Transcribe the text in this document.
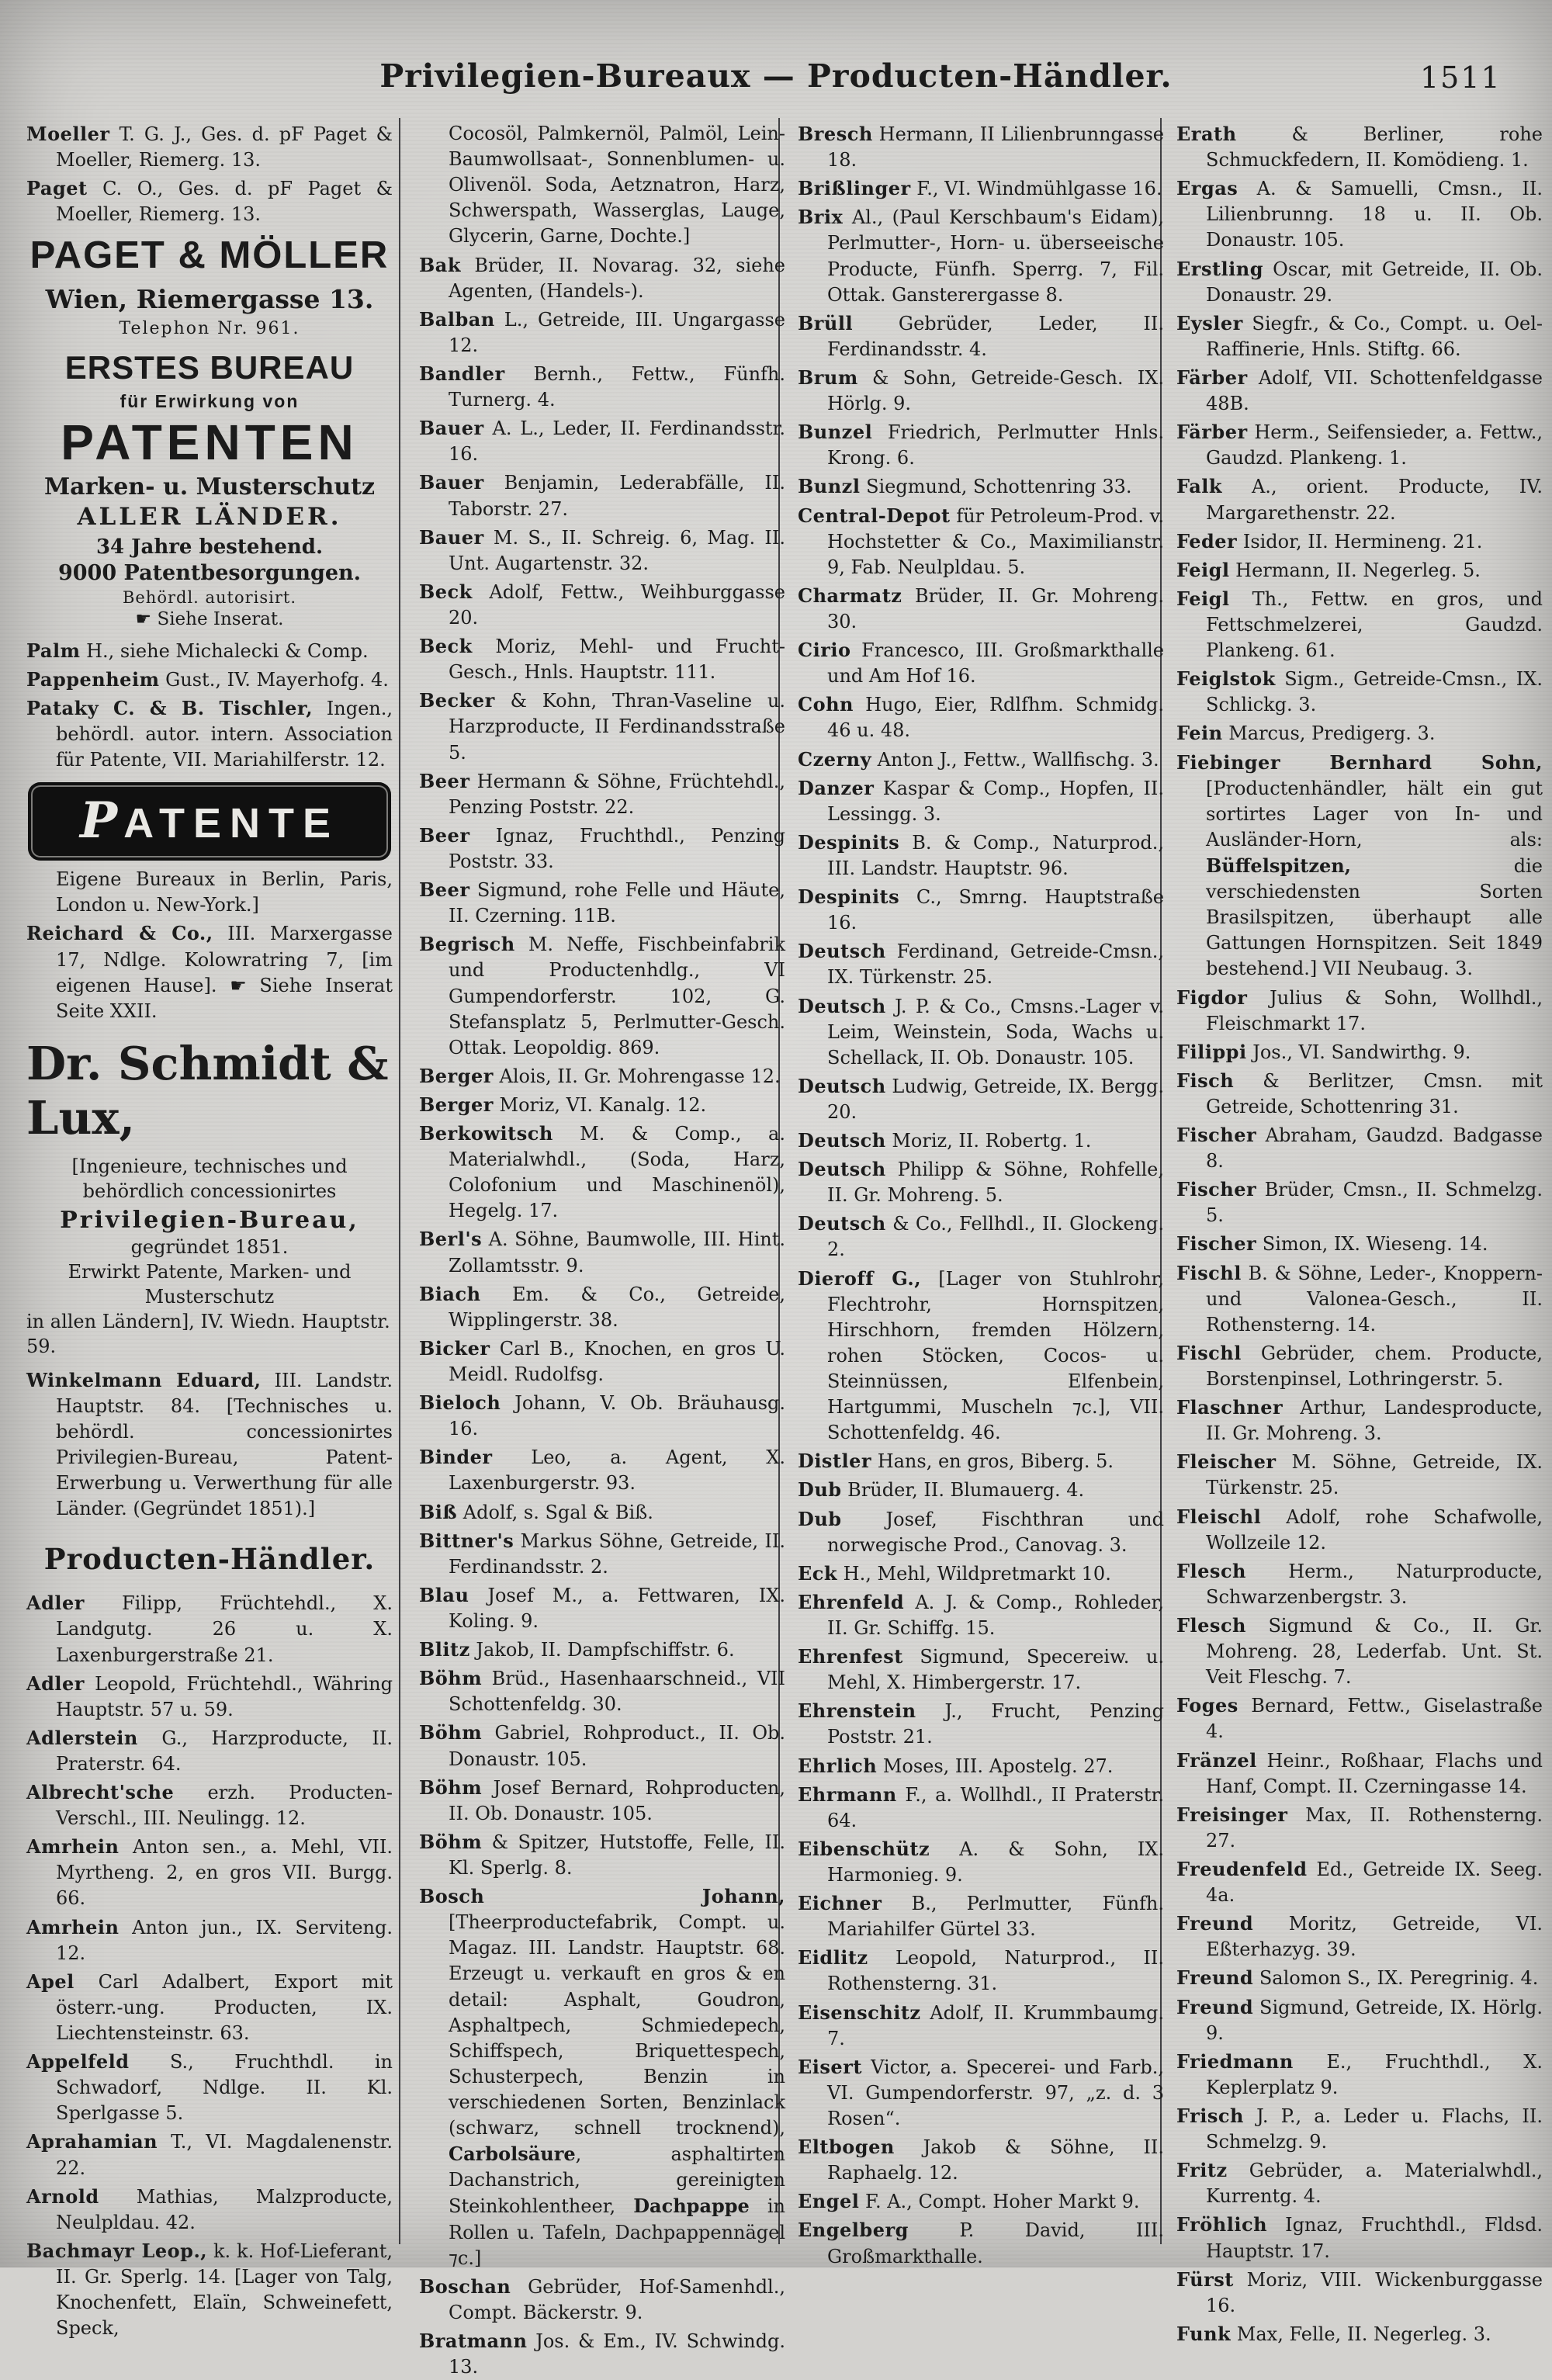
Privilegien-Bureaux — Producten-Händler.	1511

Moeller T. G. J., Ges. d. pF Paget & Moeller, Riemerg. 13.

Paget C. O., Ges. d. pF Paget & Moeller, Riemerg. 13.

PAGET & MÖLLER
Wien, Riemergasse 13.
Telephon Nr. 961.
ERSTES BUREAU
für Erwirkung von
PATENTEN
Marken- u. Musterschutz
ALLER LÄNDER.
34 Jahre bestehend.
9000 Patentbesorgungen.
Behördl. autorisirt.
☛ Siehe Inserat.

Palm H., siehe Michalecki & Comp.

Pappenheim Gust., IV. Mayerhofg. 4.

Pataky C. & B. Tischler, Ingen., behördl. autor. intern. Association für Patente, VII. Mariahilferstr. 12.

PATENTE

Eigene Bureaux in Berlin, Paris, London u. New-York.]

Reichard & Co., III. Marxergasse 17, Ndlge. Kolowratring 7, [im eigenen Hause]. ☛ Siehe Inserat Seite XXII.

Dr. Schmidt & Lux,
[Ingenieure, technisches und behördlich concessionirtes
Privilegien-Bureau,
gegründet 1851.
Erwirkt Patente, Marken- und Musterschutz
in allen Ländern], IV. Wiedn. Hauptstr. 59.

Winkelmann Eduard, III. Landstr. Hauptstr. 84. [Technisches u. behördl. concessionirtes Privilegien-Bureau, Patent-Erwerbung u. Verwerthung für alle Länder. (Gegründet 1851).]

Producten-Händler.

Adler Filipp, Früchtehdl., X. Landgutg. 26 u. X. Laxenburgerstraße 21.

Adler Leopold, Früchtehdl., Währing Hauptstr. 57 u. 59.

Adlerstein G., Harzproducte, II. Praterstr. 64.

Albrecht'sche erzh. Producten-Verschl., III. Neulingg. 12.

Amrhein Anton sen., a. Mehl, VII. Myrtheng. 2, en gros VII. Burgg. 66.

Amrhein Anton jun., IX. Serviteng. 12.

Apel Carl Adalbert, Export mit österr.-ung. Producten, IX. Liechtensteinstr. 63.

Appelfeld S., Fruchthdl. in Schwadorf, Ndlge. II. Kl. Sperlgasse 5.

Aprahamian T., VI. Magdalenenstr. 22.

Arnold Mathias, Malzproducte, Neulpldau. 42.

Bachmayr Leop., k. k. Hof-Lieferant, II. Gr. Sperlg. 14. [Lager von Talg, Knochenfett, Elaïn, Schweinefett, Speck,

Cocosöl, Palmkernöl, Palmöl, Lein-Baumwollsaat-, Sonnenblumen- u. Olivenöl. Soda, Aetznatron, Harz, Schwerspath, Wasserglas, Lauge, Glycerin, Garne, Dochte.]

Bak Brüder, II. Novarag. 32, siehe Agenten, (Handels-).

Balban L., Getreide, III. Ungargasse 12.

Bandler Bernh., Fettw., Fünfh. Turnerg. 4.

Bauer A. L., Leder, II. Ferdinandsstr. 16.

Bauer Benjamin, Lederabfälle, II. Taborstr. 27.

Bauer M. S., II. Schreig. 6, Mag. II. Unt. Augartenstr. 32.

Beck Adolf, Fettw., Weihburggasse 20.

Beck Moriz, Mehl- und Frucht-Gesch., Hnls. Hauptstr. 111.

Becker & Kohn, Thran-Vaseline u. Harzproducte, II Ferdinandsstraße 5.

Beer Hermann & Söhne, Früchtehdl., Penzing Poststr. 22.

Beer Ignaz, Fruchthdl., Penzing Poststr. 33.

Beer Sigmund, rohe Felle und Häute, II. Czerning. 11B.

Begrisch M. Neffe, Fischbeinfabrik und Productenhdlg., VI Gumpendorferstr. 102, G. Stefansplatz 5, Perlmutter-Gesch. Ottak. Leopoldig. 869.

Berger Alois, II. Gr. Mohrengasse 12.

Berger Moriz, VI. Kanalg. 12.

Berkowitsch M. & Comp., a. Materialwhdl., (Soda, Harz, Colofonium und Maschinenöl), Hegelg. 17.

Berl's A. Söhne, Baumwolle, III. Hint. Zollamtsstr. 9.

Biach Em. & Co., Getreide, Wipplingerstr. 38.

Bicker Carl B., Knochen, en gros U. Meidl. Rudolfsg.

Bieloch Johann, V. Ob. Bräuhausg. 16.

Binder Leo, a. Agent, X. Laxenburgerstr. 93.

Biß Adolf, s. Sgal & Biß.

Bittner's Markus Söhne, Getreide, II. Ferdinandsstr. 2.

Blau Josef M., a. Fettwaren, IX. Koling. 9.

Blitz Jakob, II. Dampfschiffstr. 6.

Böhm Brüd., Hasenhaarschneid., VII Schottenfeldg. 30.

Böhm Gabriel, Rohproduct., II. Ob. Donaustr. 105.

Böhm Josef Bernard, Rohproducten, II. Ob. Donaustr. 105.

Böhm & Spitzer, Hutstoffe, Felle, II. Kl. Sperlg. 8.

Bosch Johann, [Theerproductefabrik, Compt. u. Magaz. III. Landstr. Hauptstr. 68. Erzeugt u. verkauft en gros & en detail: Asphalt, Goudron, Asphaltpech, Schmiedepech, Schiffspech, Briquettespech, Schusterpech, Benzin in verschiedenen Sorten, Benzinlack (schwarz, schnell trocknend), Carbolsäure, asphaltirten Dachanstrich, gereinigten Steinkohlentheer, Dachpappe in Rollen u. Tafeln, Dachpappennägel ⁊c.]

Boschan Gebrüder, Hof-Samenhdl., Compt. Bäckerstr. 9.

Bratmann Jos. & Em., IV. Schwindg. 13.

Bresch Hermann, II Lilienbrunngasse 18.

Brißlinger F., VI. Windmühlgasse 16.

Brix Al., (Paul Kerschbaum's Eidam), Perlmutter-, Horn- u. überseeische Producte, Fünfh. Sperrg. 7, Fil. Ottak. Gansterergasse 8.

Brüll Gebrüder, Leder, II. Ferdinandsstr. 4.

Brum & Sohn, Getreide-Gesch. IX. Hörlg. 9.

Bunzel Friedrich, Perlmutter Hnls. Krong. 6.

Bunzl Siegmund, Schottenring 33.

Central-Depot für Petroleum-Prod. v. Hochstetter & Co., Maximilianstr. 9, Fab. Neulpldau. 5.

Charmatz Brüder, II. Gr. Mohreng. 30.

Cirio Francesco, III. Großmarkthalle und Am Hof 16.

Cohn Hugo, Eier, Rdlfhm. Schmidg. 46 u. 48.

Czerny Anton J., Fettw., Wallfischg. 3.

Danzer Kaspar & Comp., Hopfen, II. Lessingg. 3.

Despinits B. & Comp., Naturprod., III. Landstr. Hauptstr. 96.

Despinits C., Smrng. Hauptstraße 16.

Deutsch Ferdinand, Getreide-Cmsn., IX. Türkenstr. 25.

Deutsch J. P. & Co., Cmsns.-Lager v. Leim, Weinstein, Soda, Wachs u. Schellack, II. Ob. Donaustr. 105.

Deutsch Ludwig, Getreide, IX. Bergg. 20.

Deutsch Moriz, II. Robertg. 1.

Deutsch Philipp & Söhne, Rohfelle, II. Gr. Mohreng. 5.

Deutsch & Co., Fellhdl., II. Glockeng. 2.

Dieroff G., [Lager von Stuhlrohr, Flechtrohr, Hornspitzen, Hirschhorn, fremden Hölzern, rohen Stöcken, Cocos- u. Steinnüssen, Elfenbein, Hartgummi, Muscheln ⁊c.], VII. Schottenfeldg. 46.

Distler Hans, en gros, Biberg. 5.

Dub Brüder, II. Blumauerg. 4.

Dub Josef, Fischthran und norwegische Prod., Canovag. 3.

Eck H., Mehl, Wildpretmarkt 10.

Ehrenfeld A. J. & Comp., Rohleder, II. Gr. Schiffg. 15.

Ehrenfest Sigmund, Specereiw. u. Mehl, X. Himbergerstr. 17.

Ehrenstein J., Frucht, Penzing Poststr. 21.

Ehrlich Moses, III. Apostelg. 27.

Ehrmann F., a. Wollhdl., II Praterstr. 64.

Eibenschütz A. & Sohn, IX. Harmonieg. 9.

Eichner B., Perlmutter, Fünfh. Mariahilfer Gürtel 33.

Eidlitz Leopold, Naturprod., II. Rothensterng. 31.

Eisenschitz Adolf, II. Krummbaumg. 7.

Eisert Victor, a. Specerei- und Farb., VI. Gumpendorferstr. 97, „z. d. 3 Rosen“.

Eltbogen Jakob & Söhne, II. Raphaelg. 12.

Engel F. A., Compt. Hoher Markt 9.

Engelberg P. David, III. Großmarkthalle.

Erath & Berliner, rohe Schmuckfedern, II. Komödieng. 1.

Ergas A. & Samuelli, Cmsn., II. Lilienbrunng. 18 u. II. Ob. Donaustr. 105.

Erstling Oscar, mit Getreide, II. Ob. Donaustr. 29.

Eysler Siegfr., & Co., Compt. u. Oel-Raffinerie, Hnls. Stiftg. 66.

Färber Adolf, VII. Schottenfeldgasse 48B.

Färber Herm., Seifensieder, a. Fettw., Gaudzd. Plankeng. 1.

Falk A., orient. Producte, IV. Margarethenstr. 22.

Feder Isidor, II. Hermineng. 21.

Feigl Hermann, II. Negerleg. 5.

Feigl Th., Fettw. en gros, und Fettschmelzerei, Gaudzd. Plankeng. 61.

Feiglstok Sigm., Getreide-Cmsn., IX. Schlickg. 3.

Fein Marcus, Predigerg. 3.

Fiebinger Bernhard Sohn, [Productenhändler, hält ein gut sortirtes Lager von In- und Ausländer-Horn, als: Büffelspitzen, die verschiedensten Sorten Brasilspitzen, überhaupt alle Gattungen Hornspitzen. Seit 1849 bestehend.] VII Neubaug. 3.

Figdor Julius & Sohn, Wollhdl., Fleischmarkt 17.

Filippi Jos., VI. Sandwirthg. 9.

Fisch & Berlitzer, Cmsn. mit Getreide, Schottenring 31.

Fischer Abraham, Gaudzd. Badgasse 8.

Fischer Brüder, Cmsn., II. Schmelzg. 5.

Fischer Simon, IX. Wieseng. 14.

Fischl B. & Söhne, Leder-, Knoppern- und Valonea-Gesch., II. Rothensterng. 14.

Fischl Gebrüder, chem. Producte, Borstenpinsel, Lothringerstr. 5.

Flaschner Arthur, Landesproducte, II. Gr. Mohreng. 3.

Fleischer M. Söhne, Getreide, IX. Türkenstr. 25.

Fleischl Adolf, rohe Schafwolle, Wollzeile 12.

Flesch Herm., Naturproducte, Schwarzenbergstr. 3.

Flesch Sigmund & Co., II. Gr. Mohreng. 28, Lederfab. Unt. St. Veit Fleschg. 7.

Foges Bernard, Fettw., Giselastraße 4.

Fränzel Heinr., Roßhaar, Flachs und Hanf, Compt. II. Czerningasse 14.

Freisinger Max, II. Rothensterng. 27.

Freudenfeld Ed., Getreide IX. Seeg. 4a.

Freund Moritz, Getreide, VI. Eßterhazyg. 39.

Freund Salomon S., IX. Peregrinig. 4.

Freund Sigmund, Getreide, IX. Hörlg. 9.

Friedmann E., Fruchthdl., X. Keplerplatz 9.

Frisch J. P., a. Leder u. Flachs, II. Schmelzg. 9.

Fritz Gebrüder, a. Materialwhdl., Kurrentg. 4.

Fröhlich Ignaz, Fruchthdl., Fldsd. Hauptstr. 17.

Fürst Moriz, VIII. Wickenburggasse 16.

Funk Max, Felle, II. Negerleg. 3.
